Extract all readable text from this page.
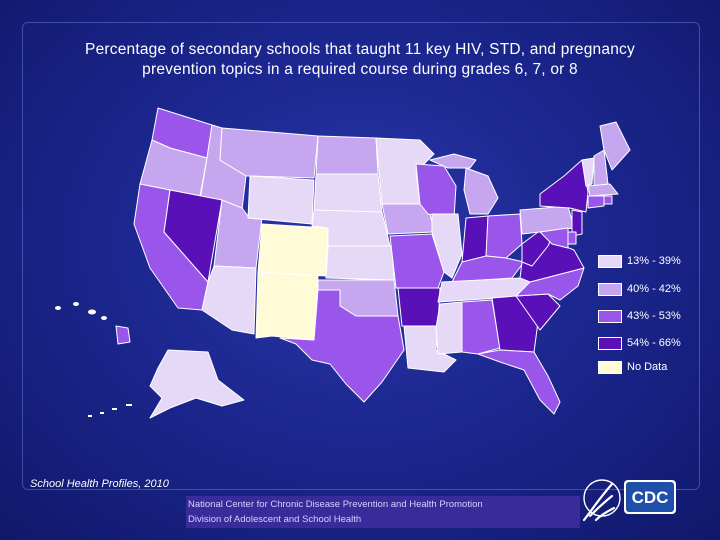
Percentage of secondary schools that taught 11 key HIV, STD, and pregnancy
prevention topics in a required course during grades 6, 7, or 8
13% - 39%
40% - 42%
43% - 53%
54% - 66%
No Data
School Health Profiles, 2010
National Center for Chronic Disease Prevention and Health Promotion
Division of Adolescent and School Health
CDC
